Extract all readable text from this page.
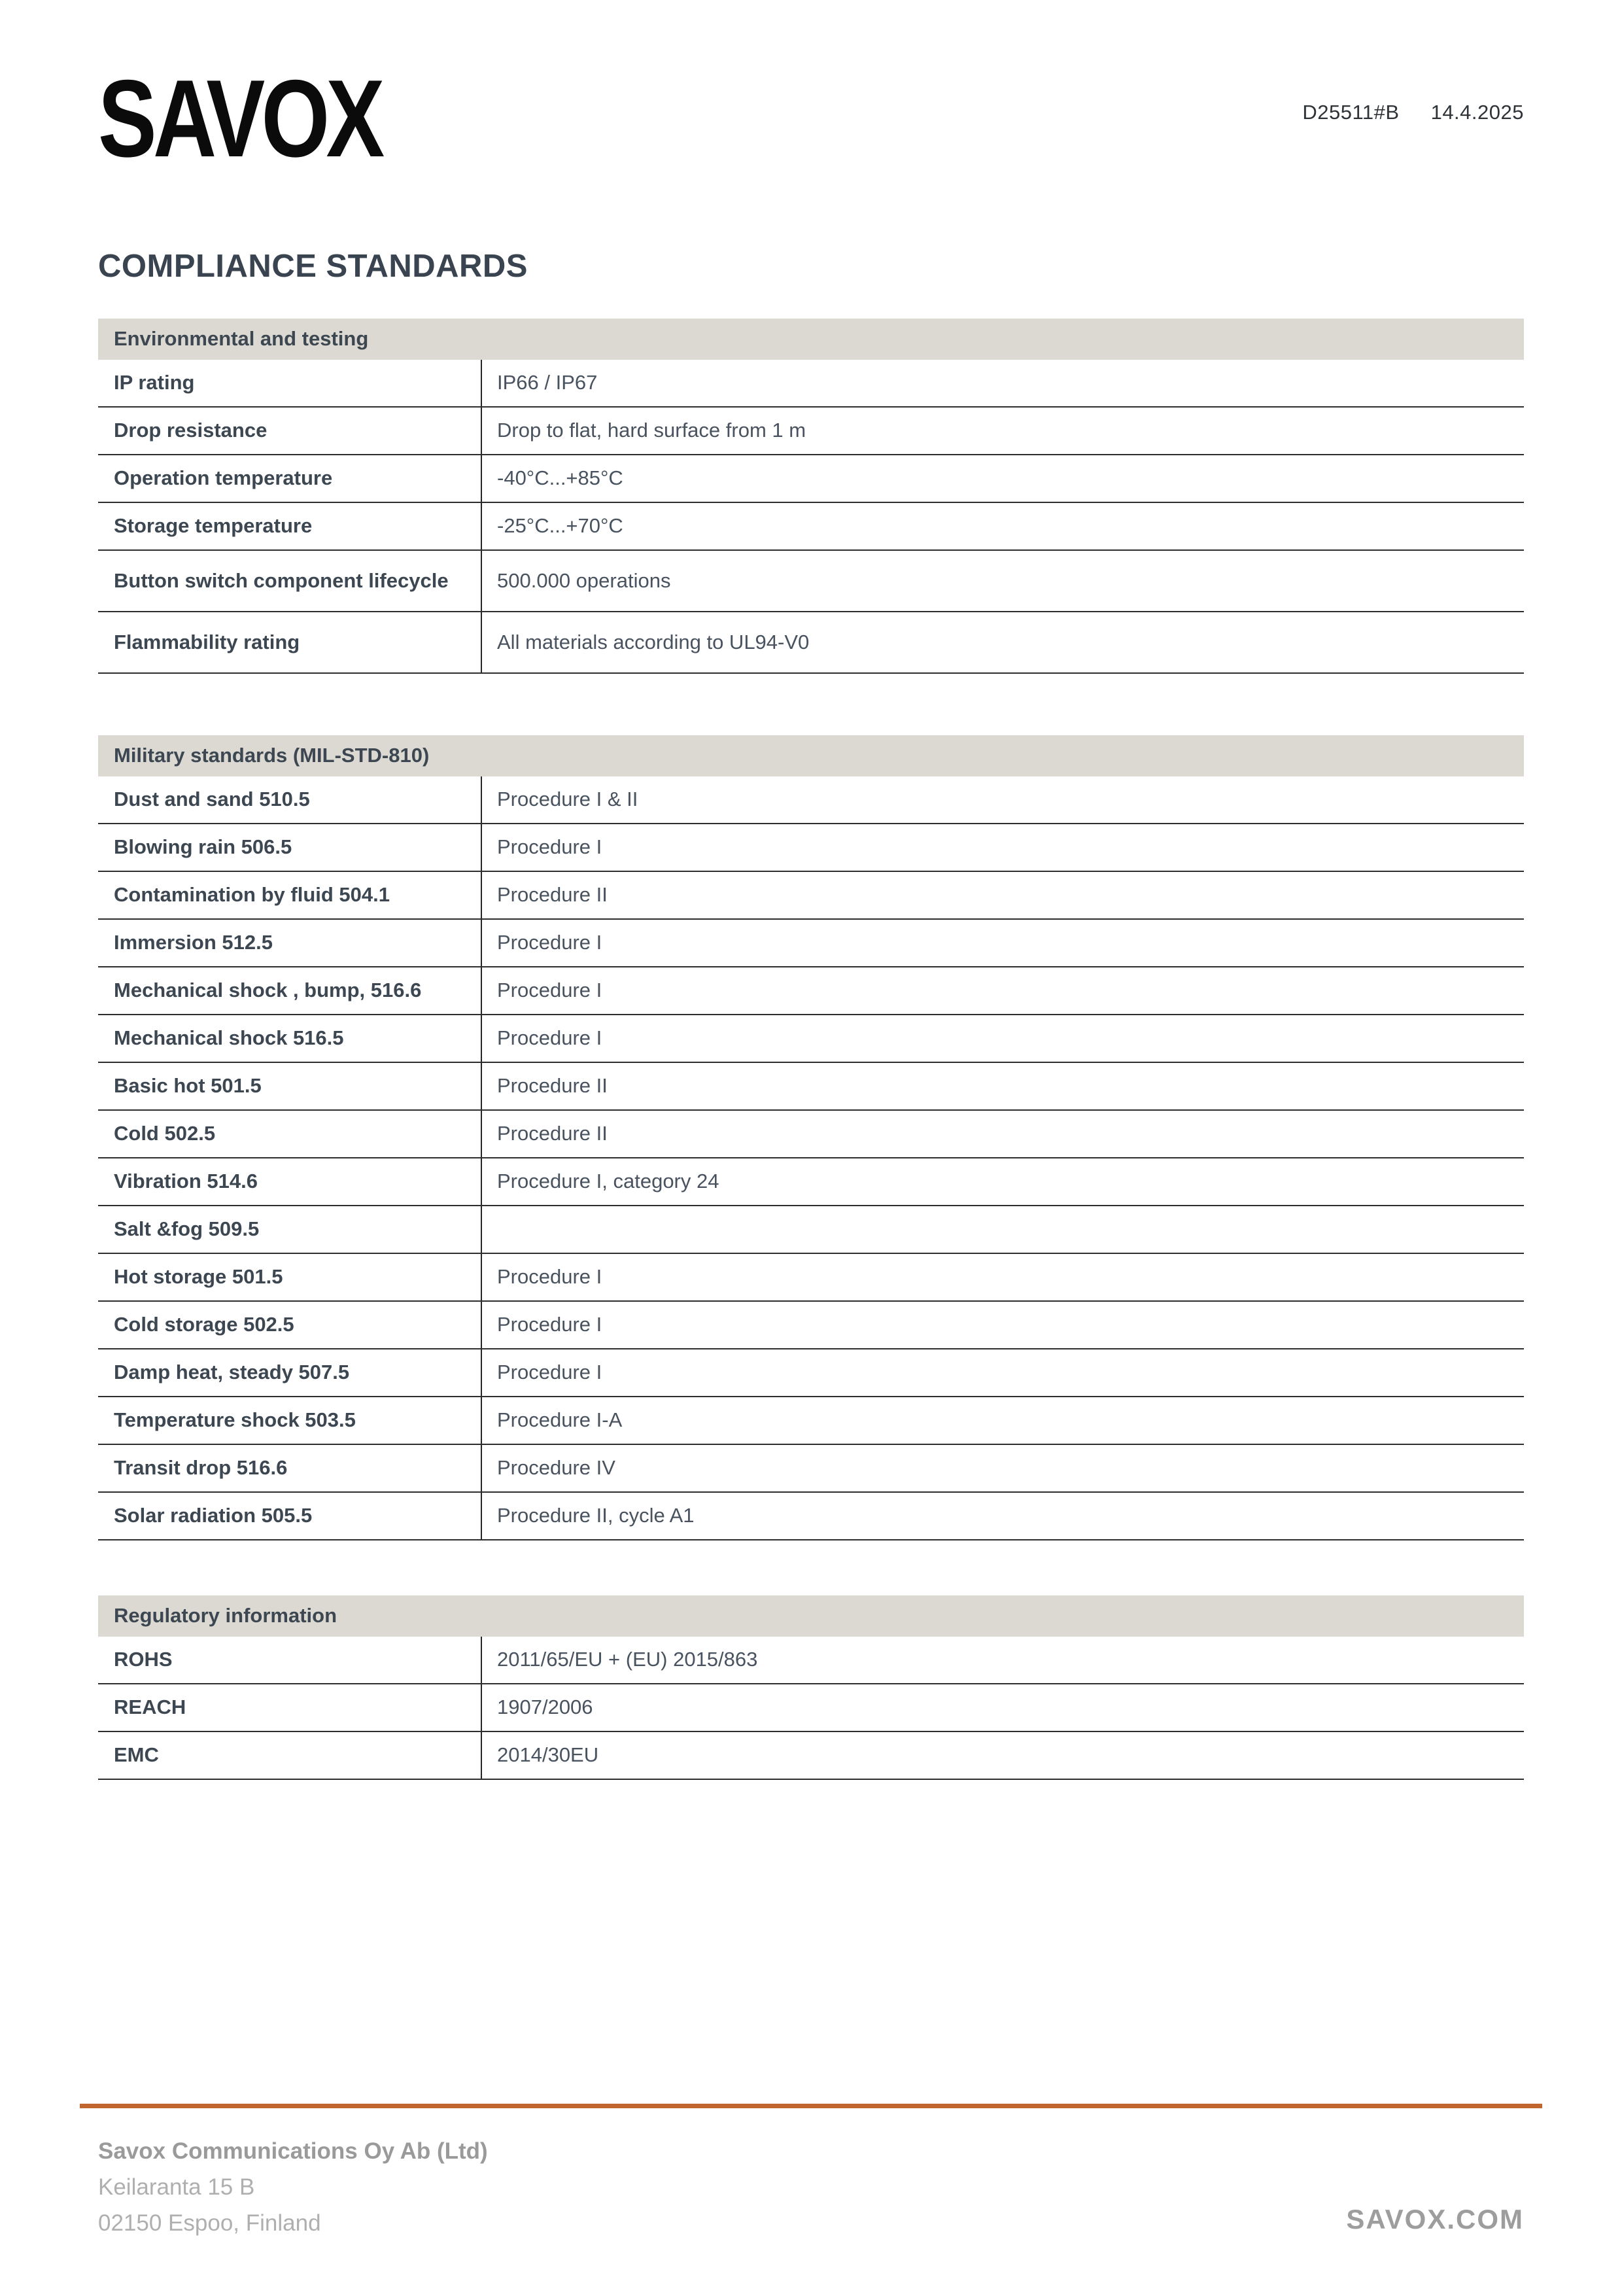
SAVOX	D25511#B 14.4.2025
COMPLIANCE STANDARDS
Environmental and testing
IP rating	IP66 / IP67
Drop resistance	Drop to flat, hard surface from 1 m
Operation temperature	-40°C...+85°C
Storage temperature	-25°C...+70°C
Button switch component lifecycle	500.000 operations
Flammability rating	All materials according to UL94-V0
Military standards (MIL-STD-810)
Dust and sand 510.5	Procedure I & II
Blowing rain 506.5	Procedure I
Contamination by fluid 504.1	Procedure II
Immersion 512.5	Procedure I
Mechanical shock , bump, 516.6	Procedure I
Mechanical shock 516.5	Procedure I
Basic hot 501.5	Procedure II
Cold 502.5	Procedure II
Vibration 514.6	Procedure I, category 24
Salt &fog 509.5
Hot storage 501.5	Procedure I
Cold storage 502.5	Procedure I
Damp heat, steady 507.5	Procedure I
Temperature shock 503.5	Procedure I-A
Transit drop 516.6	Procedure IV
Solar radiation 505.5	Procedure II, cycle A1
Regulatory information
ROHS	2011/65/EU + (EU) 2015/863
REACH	1907/2006
EMC	2014/30EU
Savox Communications Oy Ab (Ltd)
Keilaranta 15 B
02150 Espoo, Finland	SAVOX.COM
